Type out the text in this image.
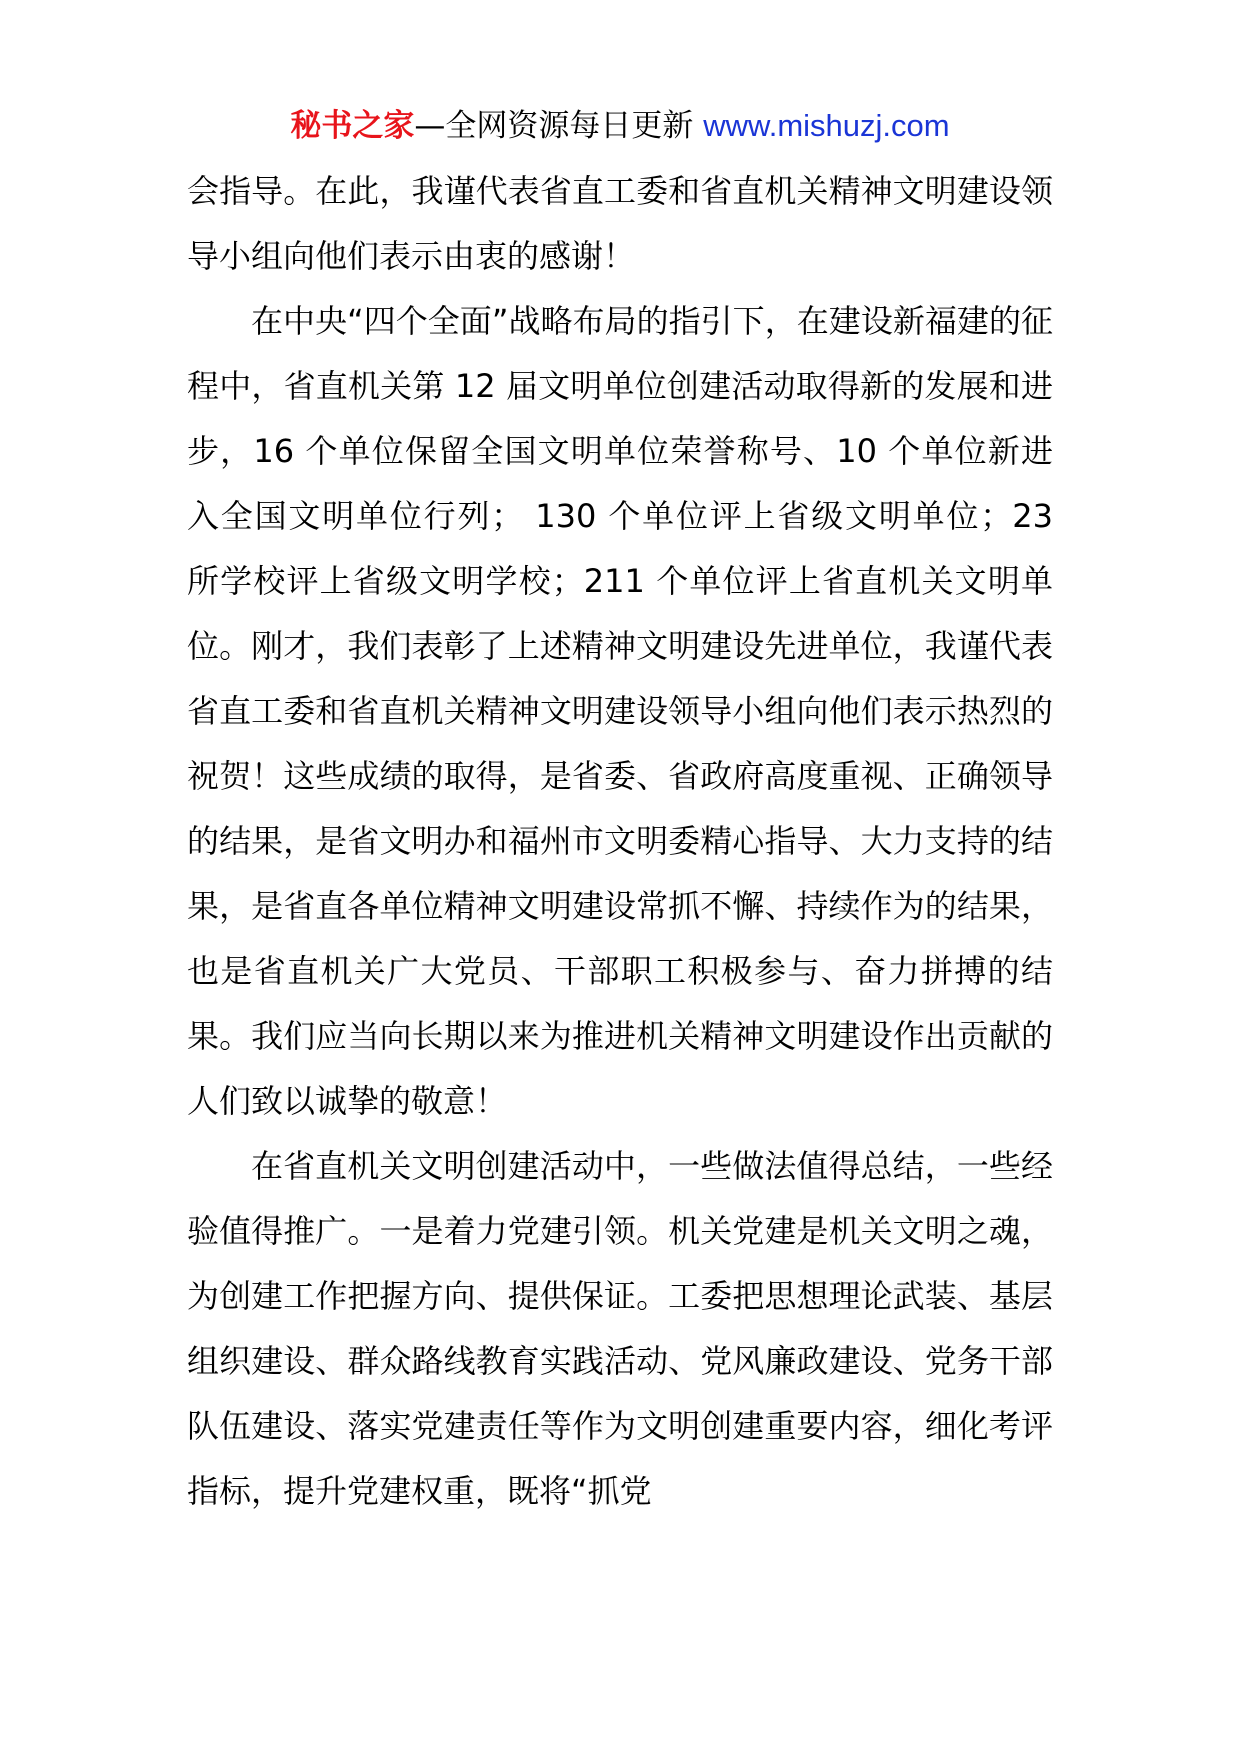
秘书之家—全网资源每日更新 www.mishuzj.com

会指导。在此，我谨代表省直工委和省直机关精神文明建设领导小组向他们表示由衷的感谢！

在中央“四个全面”战略布局的指引下，在建设新福建的征程中，省直机关第 12 届文明单位创建活动取得新的发展和进步，16 个单位保留全国文明单位荣誉称号、10 个单位新进入全国文明单位行列； 130 个单位评上省级文明单位；23 所学校评上省级文明学校；211 个单位评上省直机关文明单位。刚才，我们表彰了上述精神文明建设先进单位，我谨代表省直工委和省直机关精神文明建设领导小组向他们表示热烈的祝贺！这些成绩的取得，是省委、省政府高度重视、正确领导的结果，是省文明办和福州市文明委精心指导、大力支持的结果，是省直各单位精神文明建设常抓不懈、持续作为的结果，也是省直机关广大党员、干部职工积极参与、奋力拼搏的结果。我们应当向长期以来为推进机关精神文明建设作出贡献的人们致以诚挚的敬意！

在省直机关文明创建活动中，一些做法值得总结，一些经验值得推广。一是着力党建引领。机关党建是机关文明之魂，为创建工作把握方向、提供保证。工委把思想理论武装、基层组织建设、群众路线教育实践活动、党风廉政建设、党务干部队伍建设、落实党建责任等作为文明创建重要内容，细化考评指标，提升党建权重，既将“抓党
